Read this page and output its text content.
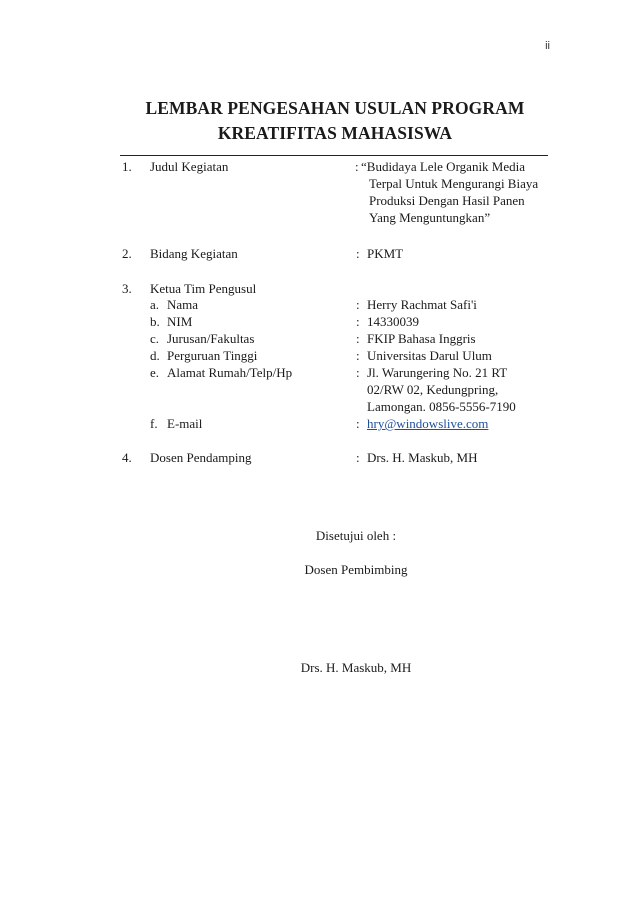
ii
LEMBAR PENGESAHAN USULAN PROGRAM
KREATIFITAS MAHASISWA
1. Judul Kegiatan	: “Budidaya Lele Organik Media
Terpal Untuk Mengurangi Biaya
Produksi Dengan Hasil Panen
Yang Menguntungkan”
2. Bidang Kegiatan	: PKMT
3. Ketua Tim Pengusul
a. Nama	: Herry Rachmat Safi'i
b. NIM	: 14330039
c. Jurusan/Fakultas	: FKIP Bahasa Inggris
d. Perguruan Tinggi	: Universitas Darul Ulum
e. Alamat Rumah/Telp/Hp	: Jl. Warungering No. 21 RT
02/RW 02, Kedungpring,
Lamongan. 0856-5556-7190
f. E-mail	: hry@windowslive.com
4. Dosen Pendamping	: Drs. H. Maskub, MH
Disetujui oleh :
Dosen Pembimbing
Drs. H. Maskub, MH
